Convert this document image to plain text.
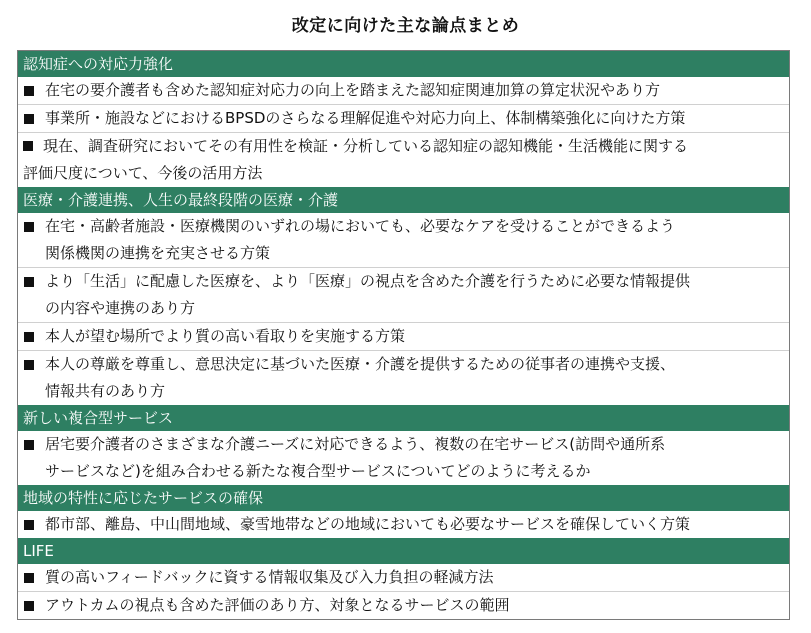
改定に向けた主な論点まとめ
認知症への対応力強化
在宅の要介護者も含めた認知症対応力の向上を踏まえた認知症関連加算の算定状況やあり方
事業所・施設などにおけるBPSDのさらなる理解促進や対応力向上、体制構築強化に向けた方策
現在、調査研究においてその有用性を検証・分析している認知症の認知機能・生活機能に関する
評価尺度について、今後の活用方法
医療・介護連携、人生の最終段階の医療・介護
在宅・高齢者施設・医療機関のいずれの場においても、必要なケアを受けることができるよう
関係機関の連携を充実させる方策
より「生活」に配慮した医療を、より「医療」の視点を含めた介護を行うために必要な情報提供
の内容や連携のあり方
本人が望む場所でより質の高い看取りを実施する方策
本人の尊厳を尊重し、意思決定に基づいた医療・介護を提供するための従事者の連携や支援、
情報共有のあり方
新しい複合型サービス
居宅要介護者のさまざまな介護ニーズに対応できるよう、複数の在宅サービス(訪問や通所系
サービスなど)を組み合わせる新たな複合型サービスについてどのように考えるか
地域の特性に応じたサービスの確保
都市部、離島、中山間地域、豪雪地帯などの地域においても必要なサービスを確保していく方策
LIFE
質の高いフィードバックに資する情報収集及び入力負担の軽減方法
アウトカムの視点も含めた評価のあり方、対象となるサービスの範囲
